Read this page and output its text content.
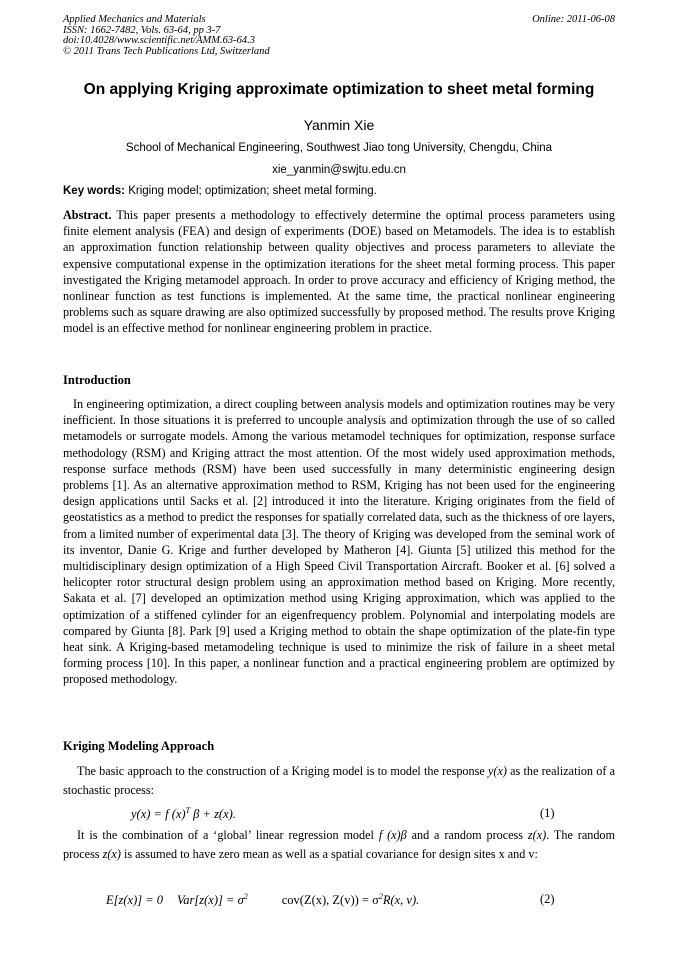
Applied Mechanics and Materials
ISSN: 1662-7482, Vols. 63-64, pp 3-7
doi:10.4028/www.scientific.net/AMM.63-64.3
© 2011 Trans Tech Publications Ltd, Switzerland
Online: 2011-06-08
On applying Kriging approximate optimization to sheet metal forming
Yanmin Xie
School of Mechanical Engineering, Southwest Jiao tong University, Chengdu, China
xie_yanmin@swjtu.edu.cn
Key words: Kriging model; optimization; sheet metal forming.
Abstract. This paper presents a methodology to effectively determine the optimal process parameters using finite element analysis (FEA) and design of experiments (DOE) based on Metamodels. The idea is to establish an approximation function relationship between quality objectives and process parameters to alleviate the expensive computational expense in the optimization iterations for the sheet metal forming process. This paper investigated the Kriging metamodel approach. In order to prove accuracy and efficiency of Kriging method, the nonlinear function as test functions is implemented. At the same time, the practical nonlinear engineering problems such as square drawing are also optimized successfully by proposed method. The results prove Kriging model is an effective method for nonlinear engineering problem in practice.
Introduction
In engineering optimization, a direct coupling between analysis models and optimization routines may be very inefficient. In those situations it is preferred to uncouple analysis and optimization through the use of so called metamodels or surrogate models. Among the various metamodel techniques for optimization, response surface methodology (RSM) and Kriging attract the most attention. Of the most widely used approximation methods, response surface methods (RSM) have been used successfully in many deterministic engineering design problems [1]. As an alternative approximation method to RSM, Kriging has not been used for the engineering design applications until Sacks et al. [2] introduced it into the literature. Kriging originates from the field of geostatistics as a method to predict the responses for spatially correlated data, such as the thickness of ore layers, from a limited number of experimental data [3]. The theory of Kriging was developed from the seminal work of its inventor, Danie G. Krige and further developed by Matheron [4]. Giunta [5] utilized this method for the multidisciplinary design optimization of a High Speed Civil Transportation Aircraft. Booker et al. [6] solved a helicopter rotor structural design problem using an approximation method based on Kriging. More recently, Sakata et al. [7] developed an optimization method using Kriging approximation, which was applied to the optimization of a stiffened cylinder for an eigenfrequency problem. Polynomial and interpolating models are compared by Giunta [8]. Park [9] used a Kriging method to obtain the shape optimization of the plate-fin type heat sink. A Kriging-based metamodeling technique is used to minimize the risk of failure in a sheet metal forming process [10]. In this paper, a nonlinear function and a practical engineering problem are optimized by proposed methodology.
Kriging Modeling Approach
The basic approach to the construction of a Kriging model is to model the response y(x) as the realization of a stochastic process:
y(x) = f $(x)^T$ β + z(x).	(1)
It is the combination of a ‘global’ linear regression model f (x)β and a random process z(x). The random process z(x) is assumed to have zero mean as well as a spatial covariance for design sites x and v:
E[z(x)] = 0 $Var[z(x)] = \sigma^2$	cov(Z(x), $Z(v)) = \sigma^2R(x$, v).	(2)
